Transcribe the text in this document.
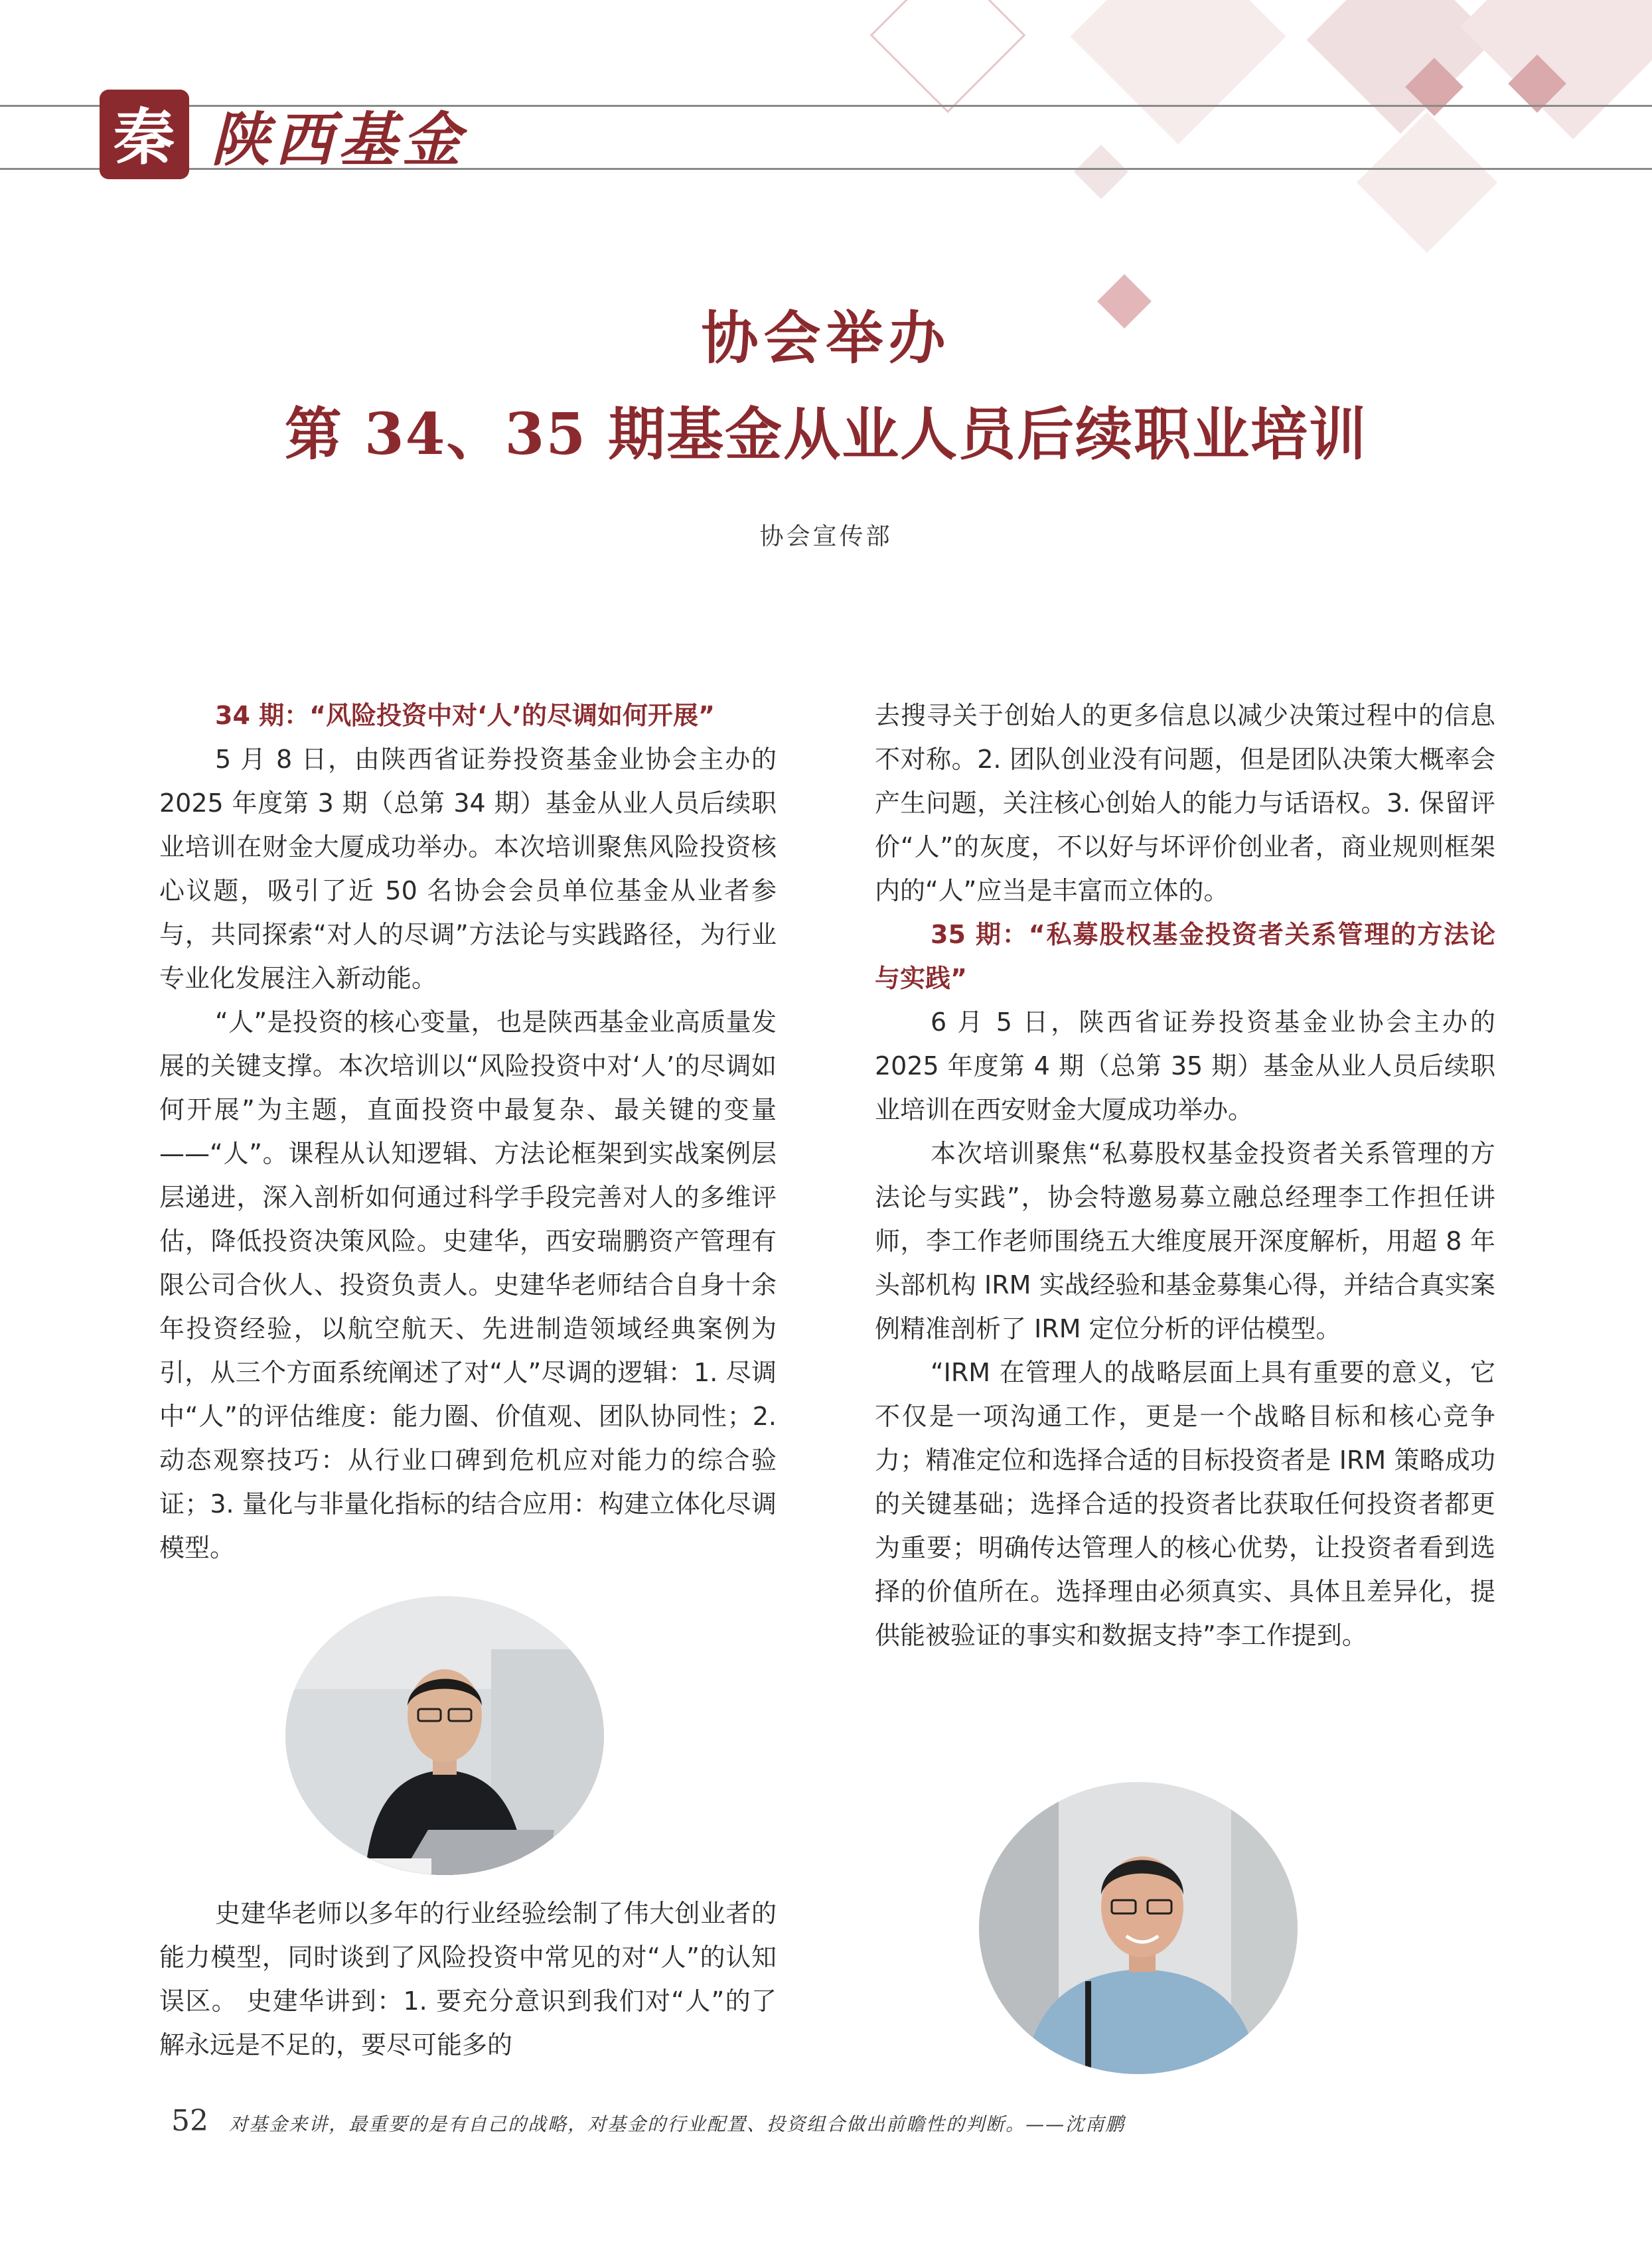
秦 陕西基金
协会举办
第 34、35 期基金从业人员后续职业培训
协会宣传部

34 期：“风险投资中对‘人’的尽调如何开展”

5 月 8 日，由陕西省证券投资基金业协会主办的 2025 年度第 3 期（总第 34 期）基金从业人员后续职业培训在财金大厦成功举办。本次培训聚焦风险投资核心议题，吸引了近 50 名协会会员单位基金从业者参与，共同探索“对人的尽调”方法论与实践路径，为行业专业化发展注入新动能。

“人”是投资的核心变量，也是陕西基金业高质量发展的关键支撑。本次培训以“风险投资中对‘人’的尽调如何开展”为主题，直面投资中最复杂、最关键的变量——“人”。课程从认知逻辑、方法论框架到实战案例层层递进，深入剖析如何通过科学手段完善对人的多维评估，降低投资决策风险。史建华，西安瑞鹏资产管理有限公司合伙人、投资负责人。史建华老师结合自身十余年投资经验，以航空航天、先进制造领域经典案例为引，从三个方面系统阐述了对“人”尽调的逻辑：1. 尽调中“人”的评估维度：能力圈、价值观、团队协同性；2. 动态观察技巧：从行业口碑到危机应对能力的综合验证；3. 量化与非量化指标的结合应用：构建立体化尽调模型。

史建华老师以多年的行业经验绘制了伟大创业者的能力模型，同时谈到了风险投资中常见的对“人”的认知误区。 史建华讲到：1. 要充分意识到我们对“人”的了解永远是不足的，要尽可能多的

去搜寻关于创始人的更多信息以减少决策过程中的信息不对称。2. 团队创业没有问题，但是团队决策大概率会产生问题，关注核心创始人的能力与话语权。3. 保留评价“人”的灰度，不以好与坏评价创业者，商业规则框架内的“人”应当是丰富而立体的。

35 期：“私募股权基金投资者关系管理的方法论与实践”

6 月 5 日，陕西省证券投资基金业协会主办的 2025 年度第 4 期（总第 35 期）基金从业人员后续职业培训在西安财金大厦成功举办。

本次培训聚焦“私募股权基金投资者关系管理的方法论与实践”，协会特邀易募立融总经理李工作担任讲师，李工作老师围绕五大维度展开深度解析，用超 8 年头部机构 IRM 实战经验和基金募集心得，并结合真实案例精准剖析了 IRM 定位分析的评估模型。

“IRM 在管理人的战略层面上具有重要的意义，它不仅是一项沟通工作，更是一个战略目标和核心竞争力；精准定位和选择合适的目标投资者是 IRM 策略成功的关键基础；选择合适的投资者比获取任何投资者都更为重要；明确传达管理人的核心优势，让投资者看到选择的价值所在。选择理由必须真实、具体且差异化，提供能被验证的事实和数据支持”李工作提到。

52 对基金来讲，最重要的是有自己的战略，对基金的行业配置、投资组合做出前瞻性的判断。——沈南鹏
